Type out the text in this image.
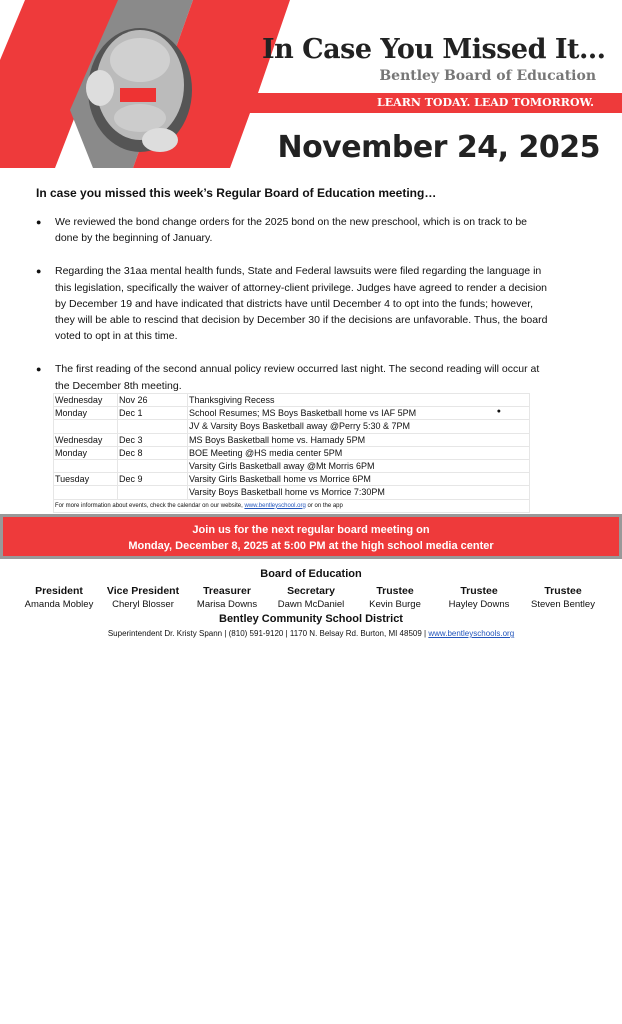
In Case You Missed It…
Bentley Board of Education
LEARN TODAY. LEAD TOMORROW.
November 24, 2025
In case you missed this week’s Regular Board of Education meeting…
● We reviewed the bond change orders for the 2025 bond on the new preschool, which is on track to be done by the beginning of January.
● Regarding the 31aa mental health funds, State and Federal lawsuits were filed regarding the language in this legislation, specifically the waiver of attorney-client privilege. Judges have agreed to render a decision by December 19 and have indicated that districts have until December 4 to opt into the funds; however, they will be able to rescind that decision by December 30 if the decisions are unfavorable. Thus, the board voted to opt in at this time.
● The first reading of the second annual policy review occurred last night. The second reading will occur at the December 8th meeting.
Wednesday	Nov 26	Thanksgiving Recess
Monday	Dec 1	School Resumes; MS Boys Basketball home vs IAF 5PM ●

		JV & Varsity Boys Basketball away @Perry 5:30 & 7PM
Wednesday	Dec 3	MS Boys Basketball home vs. Hamady 5PM
Monday	Dec 8	BOE Meeting @HS media center 5PM
		Varsity Girls Basketball away @Mt Morris 6PM
Tuesday	Dec 9	Varsity Girls Basketball home vs Morrice 6PM
		Varsity Boys Basketball home vs Morrice 7:30PM
For more information about events, check the calendar on our website, www.bentleyschool.org or on the app		
Join us for the next regular board meeting on
Monday, December 8, 2025 at 5:00 PM at the high school media center
Board of Education
President
Amanda Mobley
Vice President
Cheryl Blosser
Treasurer
Marisa Downs
Secretary
Dawn McDaniel
Trustee
Kevin Burge
Trustee
Hayley Downs
Trustee
Steven Bentley
Bentley Community School District
Superintendent Dr. Kristy Spann | (810) 591-9120 | 1170 N. Belsay Rd. Burton, MI 48509 | www.bentleyschools.org
